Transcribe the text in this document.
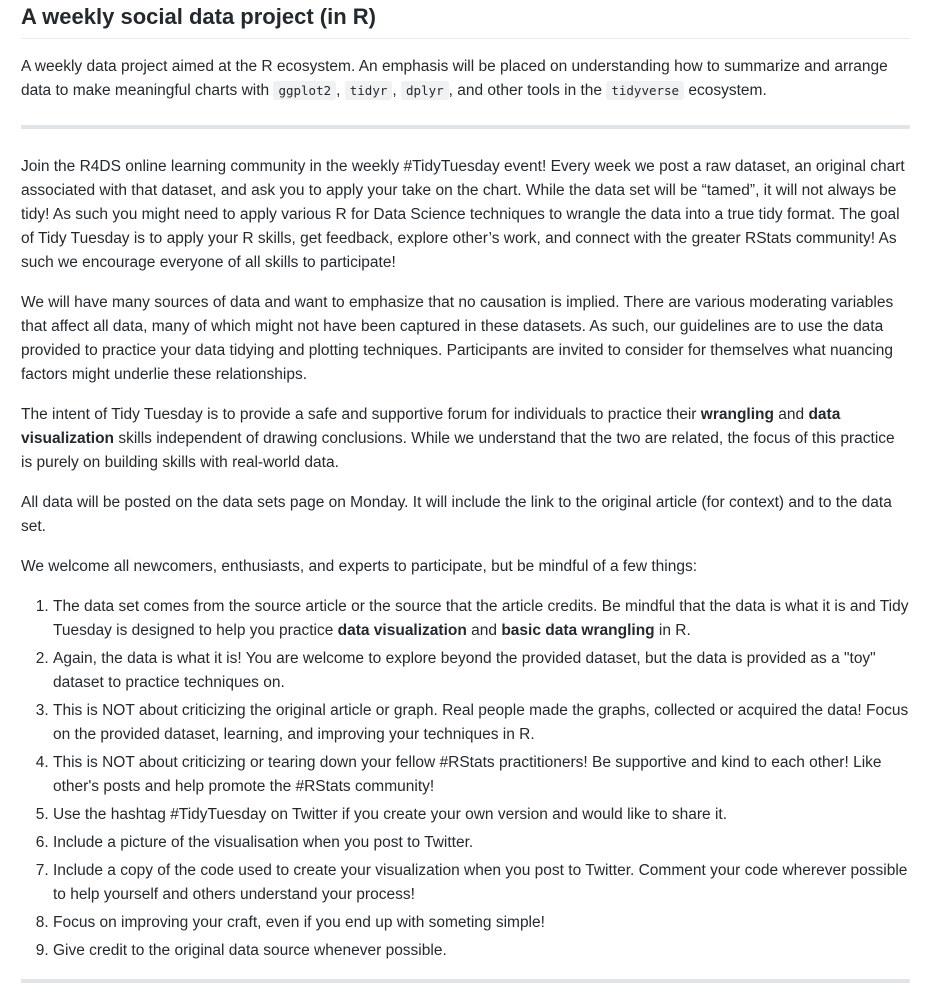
A weekly social data project (in R)

A weekly data project aimed at the R ecosystem. An emphasis will be placed on understanding how to summarize and arrange data to make meaningful charts with ggplot2 , tidyr , dplyr , and other tools in the tidyverse ecosystem.

Join the R4DS online learning community in the weekly #TidyTuesday event! Every week we post a raw dataset, an original chart associated with that dataset, and ask you to apply your take on the chart. While the data set will be “tamed”, it will not always be tidy! As such you might need to apply various R for Data Science techniques to wrangle the data into a true tidy format. The goal of Tidy Tuesday is to apply your R skills, get feedback, explore other’s work, and connect with the greater RStats community! As such we encourage everyone of all skills to participate!

We will have many sources of data and want to emphasize that no causation is implied. There are various moderating variables that affect all data, many of which might not have been captured in these datasets. As such, our guidelines are to use the data provided to practice your data tidying and plotting techniques. Participants are invited to consider for themselves what nuancing factors might underlie these relationships.

The intent of Tidy Tuesday is to provide a safe and supportive forum for individuals to practice their wrangling and data visualization skills independent of drawing conclusions. While we understand that the two are related, the focus of this practice is purely on building skills with real-world data.

All data will be posted on the data sets page on Monday. It will include the link to the original article (for context) and to the data set.

We welcome all newcomers, enthusiasts, and experts to participate, but be mindful of a few things:

1. The data set comes from the source article or the source that the article credits. Be mindful that the data is what it is and Tidy Tuesday is designed to help you practice data visualization and basic data wrangling in R.
2. Again, the data is what it is! You are welcome to explore beyond the provided dataset, but the data is provided as a "toy" dataset to practice techniques on.
3. This is NOT about criticizing the original article or graph. Real people made the graphs, collected or acquired the data! Focus on the provided dataset, learning, and improving your techniques in R.
4. This is NOT about criticizing or tearing down your fellow #RStats practitioners! Be supportive and kind to each other! Like other's posts and help promote the #RStats community!
5. Use the hashtag #TidyTuesday on Twitter if you create your own version and would like to share it.
6. Include a picture of the visualisation when you post to Twitter.
7. Include a copy of the code used to create your visualization when you post to Twitter. Comment your code wherever possible to help yourself and others understand your process!
8. Focus on improving your craft, even if you end up with someting simple!
9. Give credit to the original data source whenever possible.
